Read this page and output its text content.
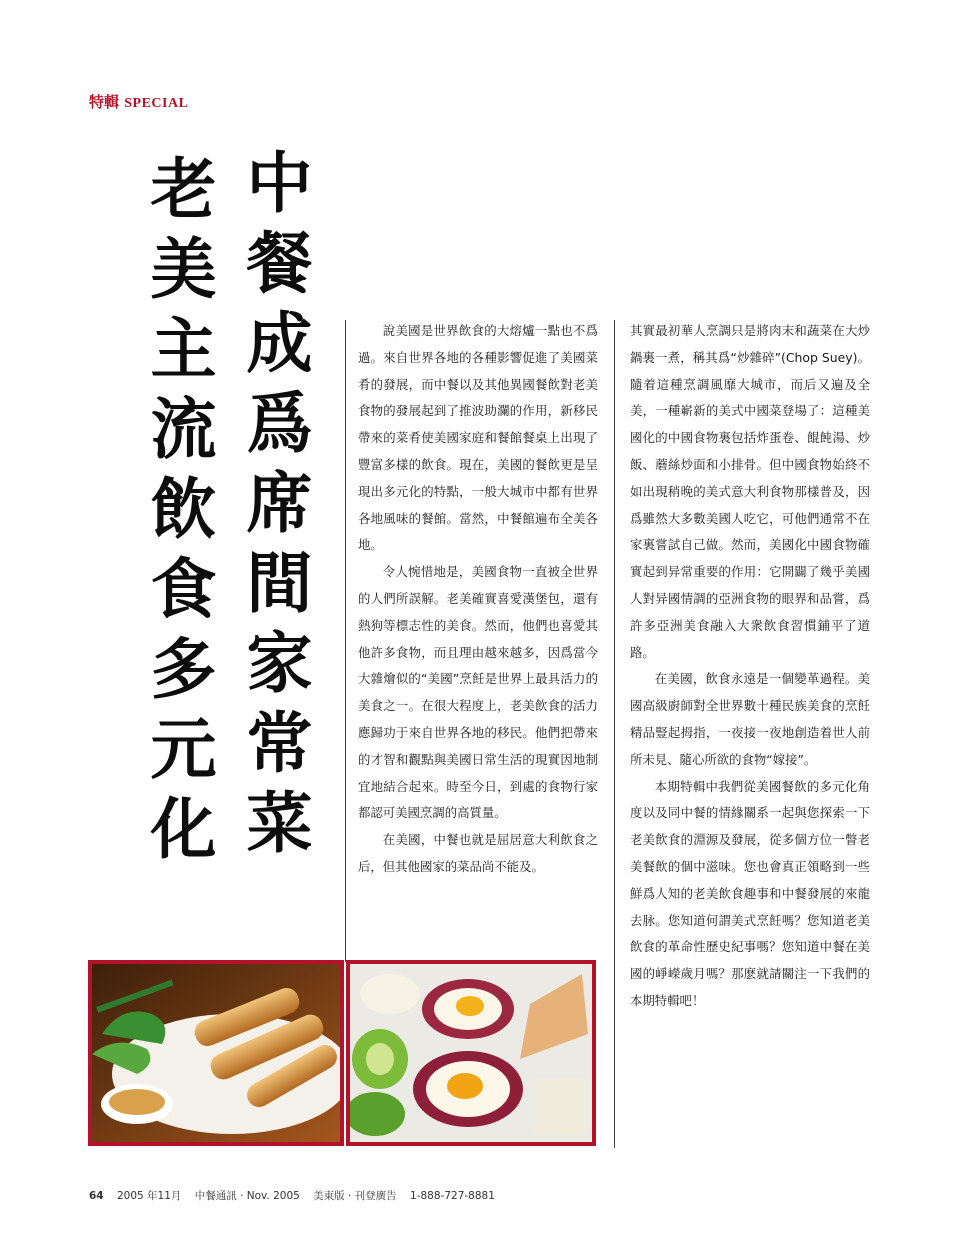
特輯 SPECIAL
中餐成爲席間家常菜
老美主流飲食多元化	說美國是世界飲食的大熔爐一點也不爲過。來自世界各地的各種影響促進了美國菜肴的發展，而中餐以及其他異國餐飲對老美食物的發展起到了推波助瀾的作用，新移民帶來的菜肴使美國家庭和餐館餐桌上出現了豐富多樣的飲食。現在，美國的餐飲更是呈現出多元化的特點，一般大城市中都有世界各地風味的餐館。當然，中餐館遍布全美各地。

令人惋惜地是，美國食物一直被全世界的人們所誤解。老美確實喜愛漢堡包，還有熱狗等標志性的美食。然而，他們也喜愛其他許多食物，而且理由越來越多，因爲當今大雜燴似的“美國”烹飪是世界上最具活力的美食之一。在很大程度上，老美飲食的活力應歸功于來自世界各地的移民。他們把帶來的才智和觀點與美國日常生活的現實因地制宜地結合起來。時至今日，到處的食物行家都認可美國烹調的高質量。

在美國，中餐也就是屈居意大利飲食之后，但其他國家的菜品尚不能及。

其實最初華人烹調只是將肉末和蔬菜在大炒鍋裏一煮，稱其爲“炒雜碎”(Chop Suey)。隨着這種烹調風靡大城市，而后又遍及全美，一種嶄新的美式中國菜登場了：這種美國化的中國食物裏包括炸蛋卷、餛飩湯、炒飯、蘑絲炒面和小排骨。但中國食物始終不如出現稍晚的美式意大利食物那樣普及，因爲雖然大多數美國人吃它，可他們通常不在家裏嘗試自己做。然而，美國化中國食物確實起到异常重要的作用：它開闢了幾乎美國人對异國情調的亞洲食物的眼界和品嘗，爲許多亞洲美食融入大衆飲食習慣鋪平了道路。

在美國，飲食永遠是一個變革過程。美國高級廚師對全世界數十種民族美食的烹飪精品豎起拇指，一夜接一夜地創造着世人前所未見、隨心所欲的食物“嫁接”。

本期特輯中我們從美國餐飲的多元化角度以及同中餐的情緣關系一起與您探索一下老美飲食的淵源及發展，從多個方位一瞥老美餐飲的個中滋味。您也會真正領略到一些鮮爲人知的老美飲食趣事和中餐發展的來龍去脉。您知道何謂美式烹飪嗎？您知道老美飲食的革命性歷史紀事嗎？您知道中餐在美國的崢嶸歲月嗎？那麽就請關注一下我們的本期特輯吧！

64 2005 年11月 中餐通訊 · Nov. 2005 美東版 · 刊登廣告 1-888-727-8881
